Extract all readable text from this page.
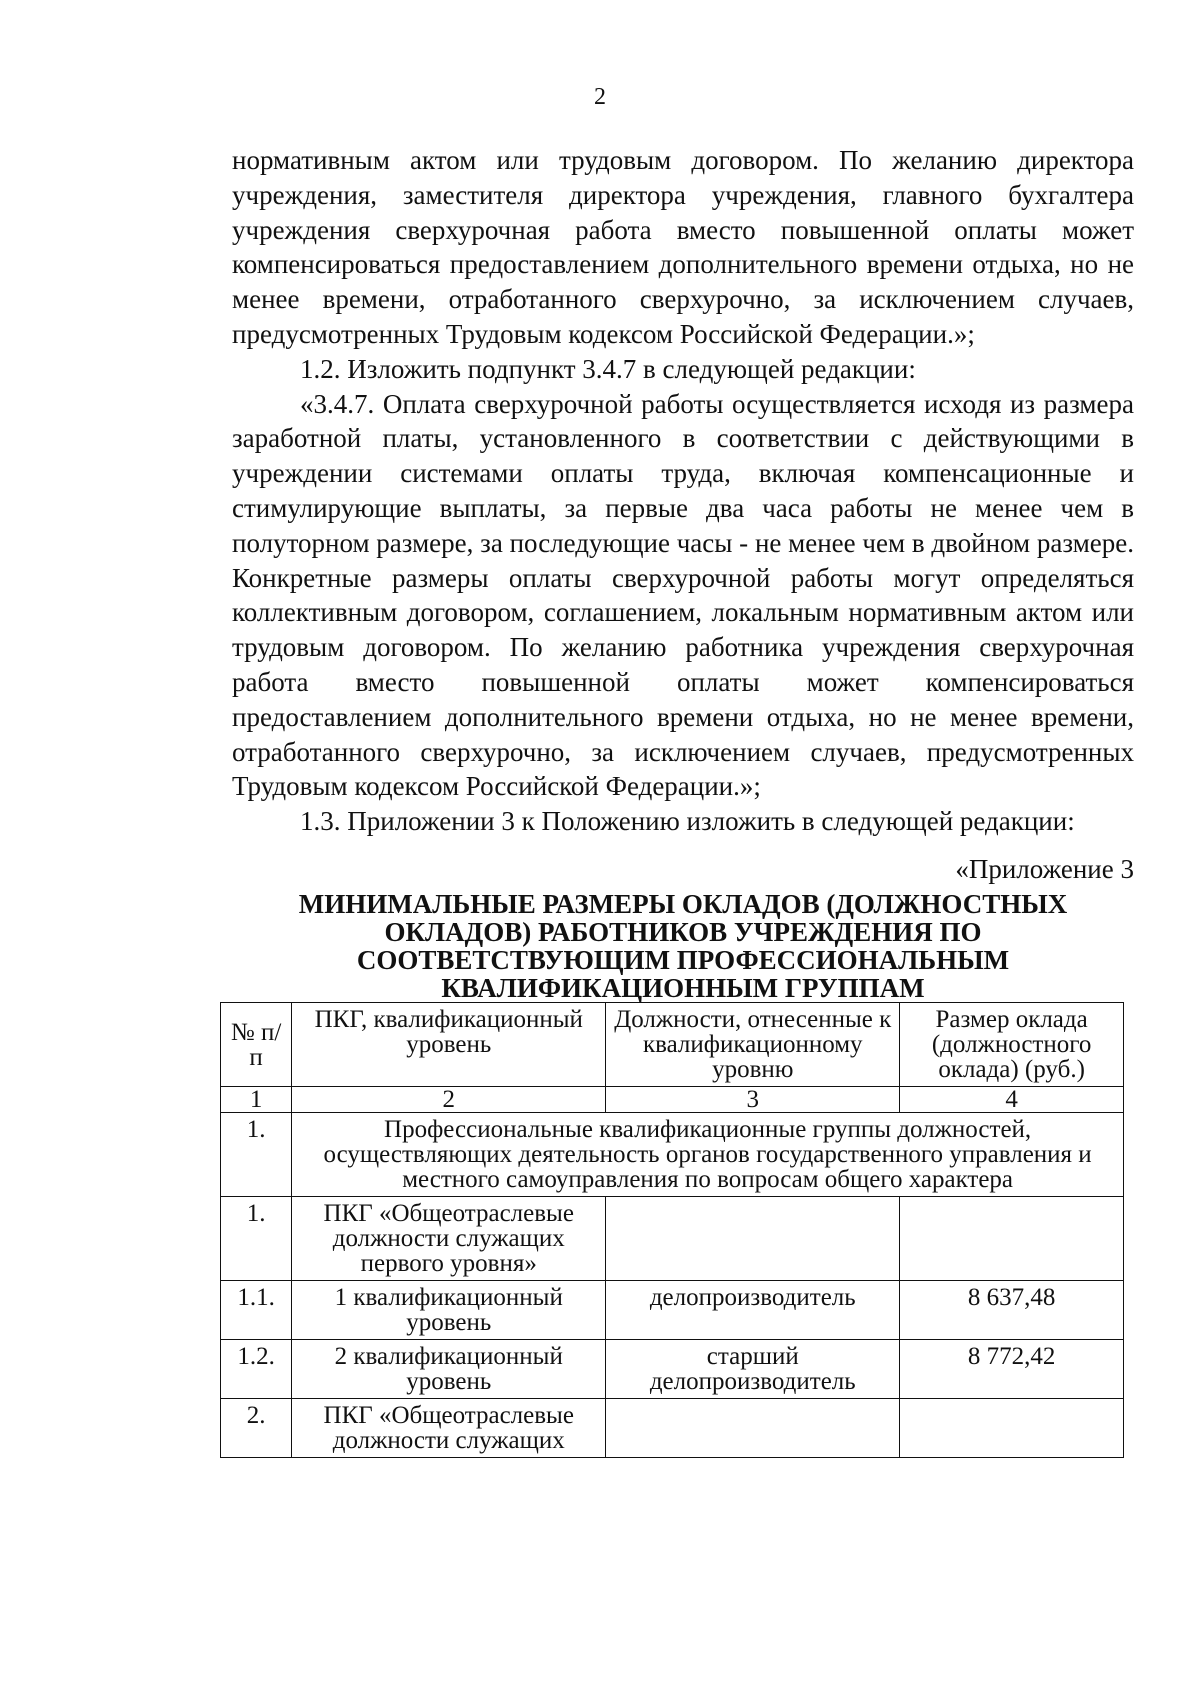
2

нормативным актом или трудовым договором. По желанию директора учреждения, заместителя директора учреждения, главного бухгалтера учреждения сверхурочная работа вместо повышенной оплаты может компенсироваться предоставлением дополнительного времени отдыха, но не менее времени, отработанного сверхурочно, за исключением случаев, предусмотренных Трудовым кодексом Российской Федерации.»;

1.2. Изложить подпункт 3.4.7 в следующей редакции:

«3.4.7. Оплата сверхурочной работы осуществляется исходя из размера заработной платы, установленного в соответствии с действующими в учреждении системами оплаты труда, включая компенсационные и стимулирующие выплаты, за первые два часа работы не менее чем в полуторном размере, за последующие часы - не менее чем в двойном размере. Конкретные размеры оплаты сверхурочной работы могут определяться коллективным договором, соглашением, локальным нормативным актом или трудовым договором. По желанию работника учреждения сверхурочная работа вместо повышенной оплаты может компенсироваться предоставлением дополнительного времени отдыха, но не менее времени, отработанного сверхурочно, за исключением случаев, предусмотренных Трудовым кодексом Российской Федерации.»;

1.3. Приложении 3 к Положению изложить в следующей редакции:

«Приложение 3
МИНИМАЛЬНЫЕ РАЗМЕРЫ ОКЛАДОВ (ДОЛЖНОСТНЫХ ОКЛАДОВ) РАБОТНИКОВ УЧРЕЖДЕНИЯ ПО СООТВЕТСТВУЮЩИМ ПРОФЕССИОНАЛЬНЫМ КВАЛИФИКАЦИОННЫМ ГРУППАМ
№ п/п	ПКГ, квалификационный уровень	Должности, отнесенные к квалификационному уровню	Размер оклада (должностного оклада) (руб.)
1	2	3	4
1.	Профессиональные квалификационные группы должностей, осуществляющих деятельность органов государственного управления и местного самоуправления по вопросам общего характера		
1.	ПКГ «Общеотраслевые должности служащих первого уровня»		
1.1.	1 квалификационный уровень	делопроизводитель	8 637,48
1.2.	2 квалификационный уровень	старший делопроизводитель	8 772,42
2.	ПКГ «Общеотраслевые должности служащих		
